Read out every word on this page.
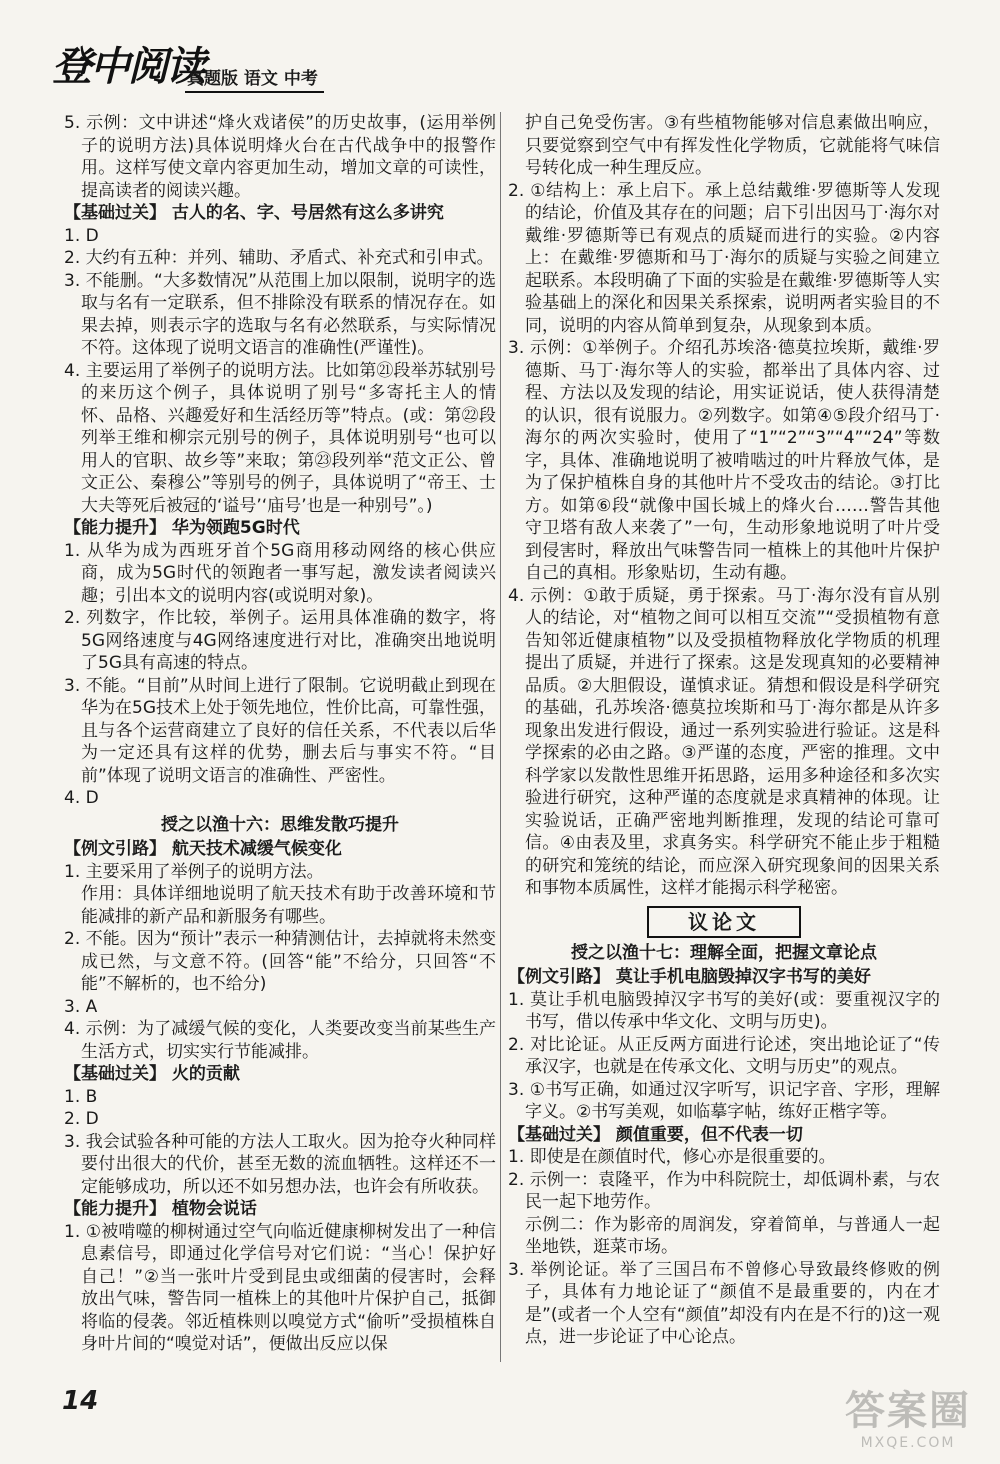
登中阅读
真题版 语文 中考

5. 示例：文中讲述“烽火戏诸侯”的历史故事，(运用举例子的说明方法)具体说明烽火台在古代战争中的报警作用。这样写使文章内容更加生动，增加文章的可读性，提高读者的阅读兴趣。

【基础过关】 古人的名、字、号居然有这么多讲究

1. D

2. 大约有五种：并列、辅助、矛盾式、补充式和引申式。

3. 不能删。“大多数情况”从范围上加以限制，说明字的选取与名有一定联系，但不排除没有联系的情况存在。如果去掉，则表示字的选取与名有必然联系，与实际情况不符。这体现了说明文语言的准确性(严谨性)。

4. 主要运用了举例子的说明方法。比如第㉑段举苏轼别号的来历这个例子，具体说明了别号“多寄托主人的情怀、品格、兴趣爱好和生活经历等”特点。(或：第㉒段列举王维和柳宗元别号的例子，具体说明别号“也可以用人的官职、故乡等”来取；第㉓段列举“范文正公、曾文正公、秦穆公”等别号的例子，具体说明了“帝王、士大夫等死后被冠的‘谥号’‘庙号’也是一种别号”。)

【能力提升】 华为领跑5G时代

1. 从华为成为西班牙首个5G商用移动网络的核心供应商，成为5G时代的领跑者一事写起，激发读者阅读兴趣；引出本文的说明内容(或说明对象)。

2. 列数字，作比较，举例子。运用具体准确的数字，将5G网络速度与4G网络速度进行对比，准确突出地说明了5G具有高速的特点。

3. 不能。“目前”从时间上进行了限制。它说明截止到现在华为在5G技术上处于领先地位，性价比高，可靠性强，且与各个运营商建立了良好的信任关系，不代表以后华为一定还具有这样的优势，删去后与事实不符。“目前”体现了说明文语言的准确性、严密性。

4. D

授之以渔十六：思维发散巧提升

【例文引路】 航天技术减缓气候变化

1. 主要采用了举例子的说明方法。

作用：具体详细地说明了航天技术有助于改善环境和节能减排的新产品和新服务有哪些。

2. 不能。因为“预计”表示一种猜测估计，去掉就将未然变成已然，与文意不符。(回答“能”不给分，只回答“不能”不解析的，也不给分)

3. A

4. 示例：为了减缓气候的变化，人类要改变当前某些生产生活方式，切实实行节能减排。

【基础过关】 火的贡献

1. B

2. D

3. 我会试验各种可能的方法人工取火。因为抢夺火种同样要付出很大的代价，甚至无数的流血牺牲。这样还不一定能够成功，所以还不如另想办法，也许会有所收获。

【能力提升】 植物会说话

1. ①被啃噬的柳树通过空气向临近健康柳树发出了一种信息素信号，即通过化学信号对它们说：“当心！保护好自己！”②当一张叶片受到昆虫或细菌的侵害时，会释放出气味，警告同一植株上的其他叶片保护自己，抵御将临的侵袭。邻近植株则以嗅觉方式“偷听”受损植株自身叶片间的“嗅觉对话”，便做出反应以保

护自己免受伤害。③有些植物能够对信息素做出响应，只要觉察到空气中有挥发性化学物质，它就能将气味信号转化成一种生理反应。

2. ①结构上：承上启下。承上总结戴维·罗德斯等人发现的结论，价值及其存在的问题；启下引出因马丁·海尔对戴维·罗德斯等已有观点的质疑而进行的实验。②内容上：在戴维·罗德斯和马丁·海尔的质疑与实验之间建立起联系。本段明确了下面的实验是在戴维·罗德斯等人实验基础上的深化和因果关系探索，说明两者实验目的不同，说明的内容从简单到复杂，从现象到本质。

3. 示例：①举例子。介绍孔苏埃洛·德莫拉埃斯，戴维·罗德斯、马丁·海尔等人的实验，都举出了具体内容、过程、方法以及发现的结论，用实证说话，使人获得清楚的认识，很有说服力。②列数字。如第④⑤段介绍马丁·海尔的两次实验时，使用了“1”“2”“3”“4”“24”等数字，具体、准确地说明了被啃啮过的叶片释放气体，是为了保护植株自身的其他叶片不受攻击的结论。③打比方。如第⑥段“就像中国长城上的烽火台……警告其他守卫塔有敌人来袭了”一句，生动形象地说明了叶片受到侵害时，释放出气味警告同一植株上的其他叶片保护自己的真相。形象贴切，生动有趣。

4. 示例：①敢于质疑，勇于探索。马丁·海尔没有盲从别人的结论，对“植物之间可以相互交流”“受损植物有意告知邻近健康植物”以及受损植物释放化学物质的机理提出了质疑，并进行了探索。这是发现真知的必要精神品质。②大胆假设，谨慎求证。猜想和假设是科学研究的基础，孔苏埃洛·德莫拉埃斯和马丁·海尔都是从许多现象出发进行假设，通过一系列实验进行验证。这是科学探索的必由之路。③严谨的态度，严密的推理。文中科学家以发散性思维开拓思路，运用多种途径和多次实验进行研究，这种严谨的态度就是求真精神的体现。让实验说话，正确严密地判断推理，发现的结论可靠可信。④由表及里，求真务实。科学研究不能止步于粗糙的研究和笼统的结论，而应深入研究现象间的因果关系和事物本质属性，这样才能揭示科学秘密。

议论文

授之以渔十七：理解全面，把握文章论点

【例文引路】 莫让手机电脑毁掉汉字书写的美好

1. 莫让手机电脑毁掉汉字书写的美好(或：要重视汉字的书写，借以传承中华文化、文明与历史)。

2. 对比论证。从正反两方面进行论述，突出地论证了“传承汉字，也就是在传承文化、文明与历史”的观点。

3. ①书写正确，如通过汉字听写，识记字音、字形，理解字义。②书写美观，如临摹字帖，练好正楷字等。

【基础过关】 颜值重要，但不代表一切

1. 即使是在颜值时代，修心亦是很重要的。

2. 示例一：袁隆平，作为中科院院士，却低调朴素，与农民一起下地劳作。

示例二：作为影帝的周润发，穿着简单，与普通人一起坐地铁，逛菜市场。

3. 举例论证。举了三国吕布不曾修心导致最终修败的例子，具体有力地论证了“颜值不是最重要的，内在才是”(或者一个人空有“颜值”却没有内在是不行的)这一观点，进一步论证了中心论点。

14	答案圈
MXQE.COM
